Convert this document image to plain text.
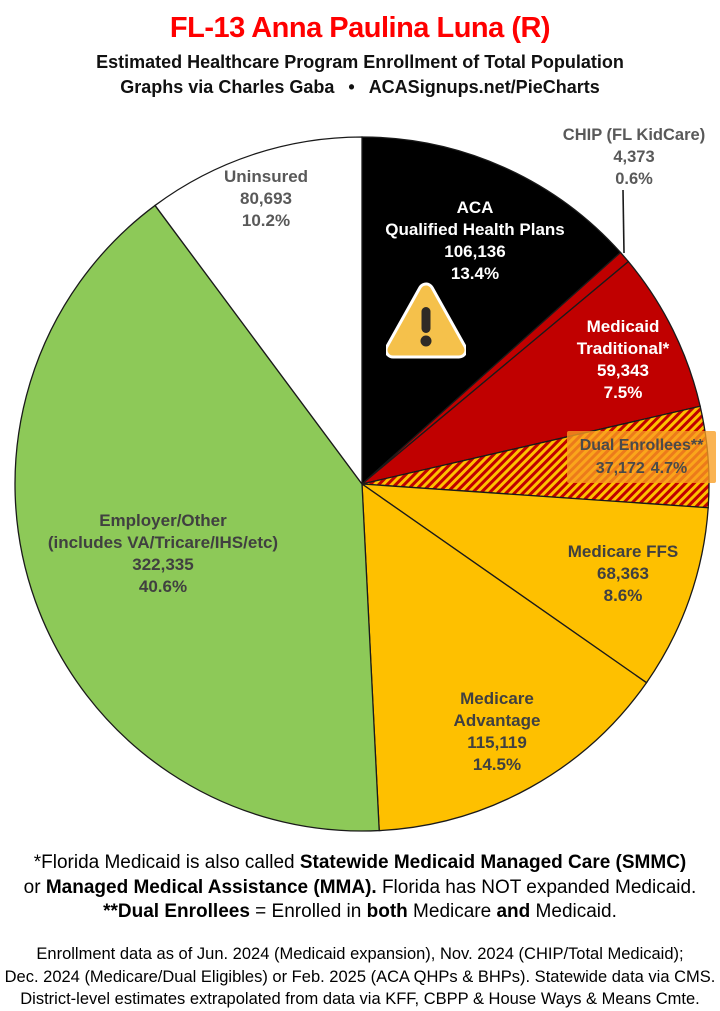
FL-13 Anna Paulina Luna (R)
Estimated Healthcare Program Enrollment of Total Population
Graphs via Charles Gaba • ACASignups.net/PieCharts
Uninsured
80,693
10.2%
ACA
Qualified Health Plans
106,136
13.4%
CHIP (FL KidCare)
4,373
0.6%
Medicaid
Traditional*
59,343
7.5%
Dual Enrollees**
37,172 4.7%
Medicare FFS
68,363
8.6%
Medicare
Advantage
115,119
14.5%
Employer/Other
(includes VA/Tricare/IHS/etc)
322,335
40.6%
*Florida Medicaid is also called Statewide Medicaid Managed Care (SMMC)
or Managed Medical Assistance (MMA). Florida has NOT expanded Medicaid.
**Dual Enrollees = Enrolled in both Medicare and Medicaid.
Enrollment data as of Jun. 2024 (Medicaid expansion), Nov. 2024 (CHIP/Total Medicaid);
Dec. 2024 (Medicare/Dual Eligibles) or Feb. 2025 (ACA QHPs & BHPs). Statewide data via CMS.
District-level estimates extrapolated from data via KFF, CBPP & House Ways & Means Cmte.
